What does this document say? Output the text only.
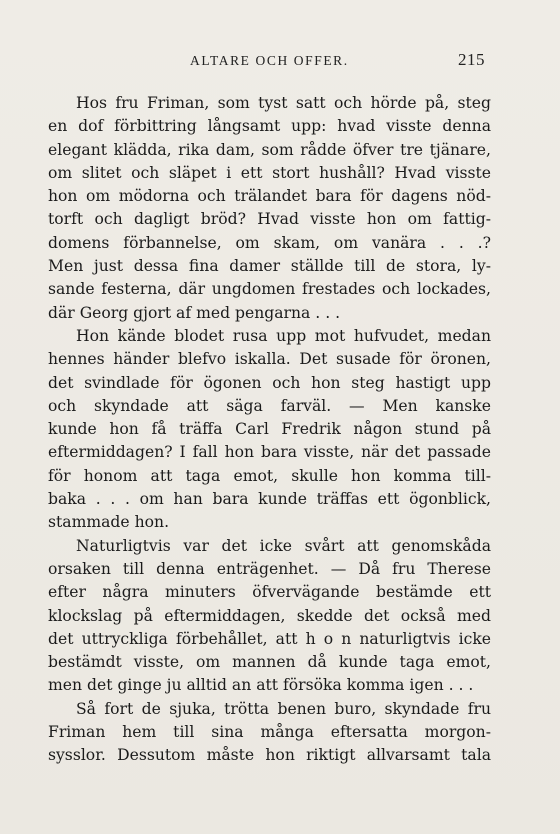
ALTARE OCH OFFER.	215
Hos fru Friman, som tyst satt och hörde på, steg
en dof förbittring långsamt upp: hvad visste denna
elegant klädda, rika dam, som rådde öfver tre tjänare,
om slitet och släpet i ett stort hushåll? Hvad visste
hon om mödorna och trälandet bara för dagens nöd-
torft och dagligt bröd? Hvad visste hon om fattig-
domens förbannelse, om skam, om vanära . . .?
Men just dessa fina damer ställde till de stora, ly-
sande festerna, där ungdomen frestades och lockades,
där Georg gjort af med pengarna . . .
Hon kände blodet rusa upp mot hufvudet, medan
hennes händer blefvo iskalla. Det susade för öronen,
det svindlade för ögonen och hon steg hastigt upp
och skyndade att säga farväl. — Men kanske
kunde hon få träffa Carl Fredrik någon stund på
eftermiddagen? I fall hon bara visste, när det passade
för honom att taga emot, skulle hon komma till-
baka . . . om han bara kunde träffas ett ögonblick,
stammade hon.
Naturligtvis var det icke svårt att genomskåda
orsaken till denna enträgenhet. — Då fru Therese
efter några minuters öfvervägande bestämde ett
klockslag på eftermiddagen, skedde det också med
det uttryckliga förbehållet, att h o n naturligtvis icke
bestämdt visste, om mannen då kunde taga emot,
men det ginge ju alltid an att försöka komma igen . . .
Så fort de sjuka, trötta benen buro, skyndade fru
Friman hem till sina många eftersatta morgon-
sysslor. Dessutom måste hon riktigt allvarsamt tala
